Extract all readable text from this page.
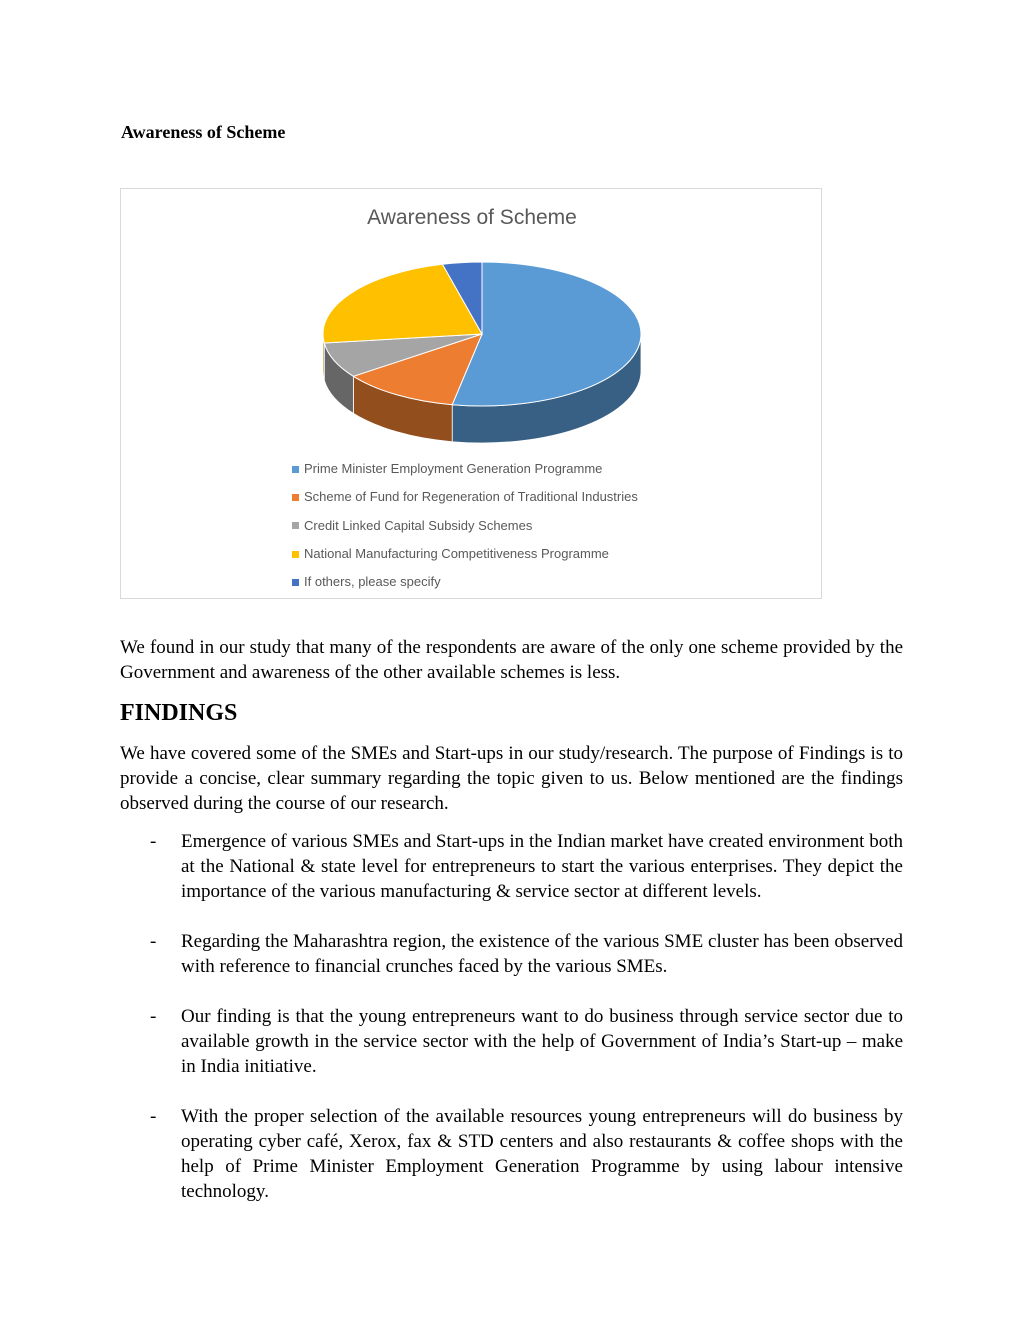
Awareness of Scheme
Awareness of Scheme
Prime Minister Employment Generation Programme
Scheme of Fund for Regeneration of Traditional Industries
Credit Linked Capital Subsidy Schemes
National Manufacturing Competitiveness Programme
If others, please specify

We found in our study that many of the respondents are aware of the only one scheme provided by the Government and awareness of the other available schemes is less.

FINDINGS

We have covered some of the SMEs and Start-ups in our study/research. The purpose of Findings is to provide a concise, clear summary regarding the topic given to us. Below mentioned are the findings observed during the course of our research.

- Emergence of various SMEs and Start-ups in the Indian market have created environment both at the National & state level for entrepreneurs to start the various enterprises. They depict the importance of the various manufacturing & service sector at different levels.
- Regarding the Maharashtra region, the existence of the various SME cluster has been observed with reference to financial crunches faced by the various SMEs.
- Our finding is that the young entrepreneurs want to do business through service sector due to available growth in the service sector with the help of Government of India’s Start-up – make in India initiative.
- With the proper selection of the available resources young entrepreneurs will do business by operating cyber café, Xerox, fax & STD centers and also restaurants & coffee shops with the help of Prime Minister Employment Generation Programme by using labour intensive technology.
